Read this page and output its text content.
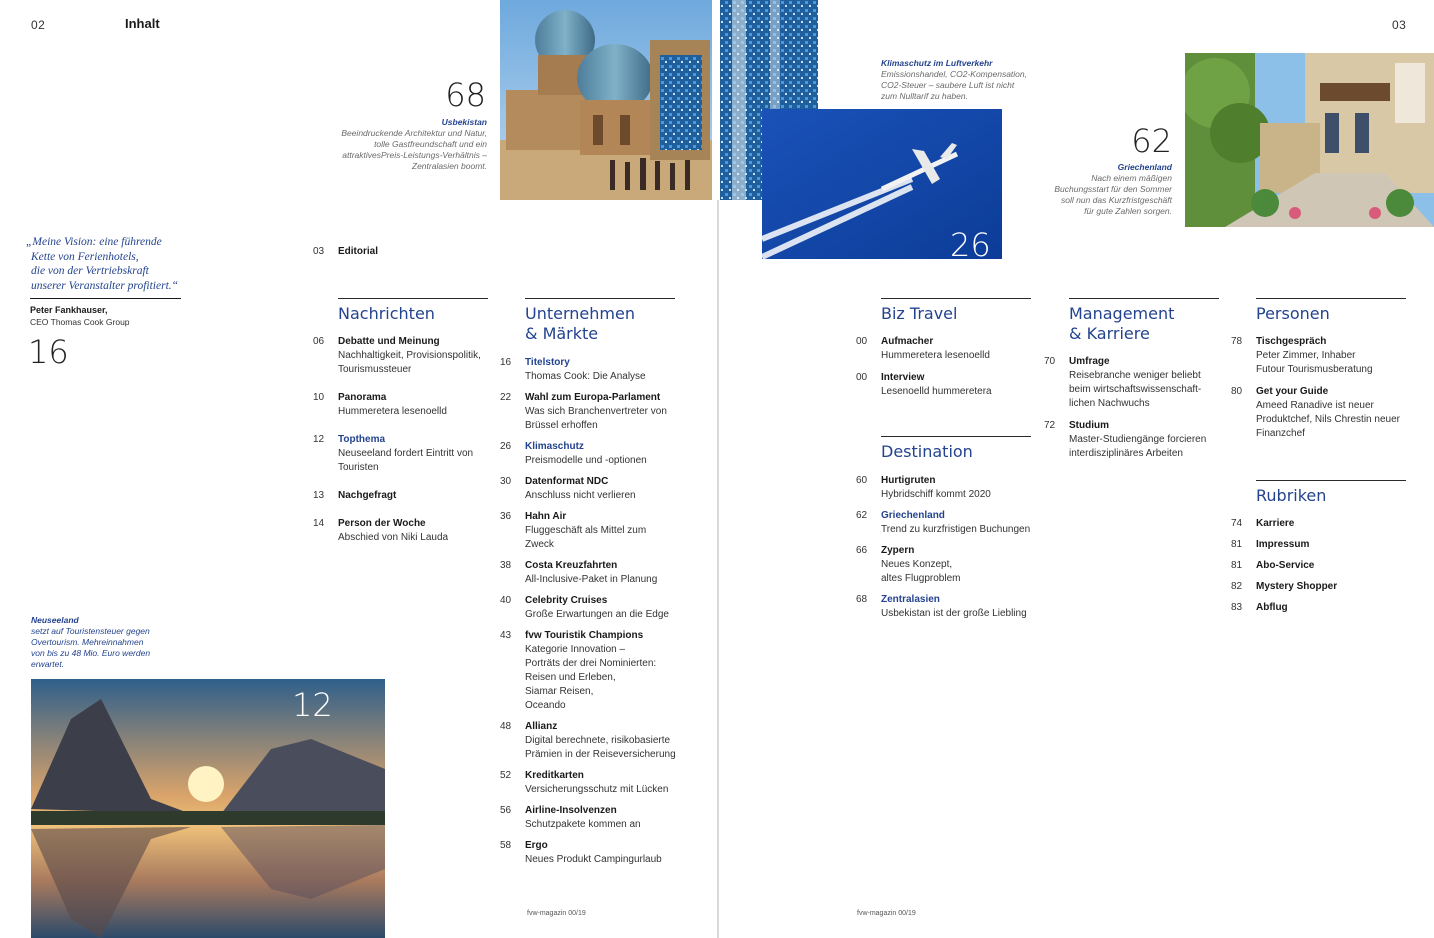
02	Inhalt	03
68
Usbekistan
Beeindruckende Architektur und Natur,
tolle Gastfreundschaft und ein
attraktivesPreis-Leistungs-Verhältnis –
Zentralasien boomt.
Klimaschutz im Luftverkehr
Emissionshandel, CO2-Kompensation,
CO2-Steuer – saubere Luft ist nicht
zum Nulltarif zu haben.
26
62
Griechenland
Nach einem mäßigen
Buchungsstart für den Sommer
soll nun das Kurzfristgeschäft
für gute Zahlen sorgen.
„Meine Vision: eine führende
Kette von Ferienhotels,
die von der Vertriebskraft
unserer Veranstalter profitiert.“
Peter Fankhauser,
CEO Thomas Cook Group
16
Neuseeland
setzt auf Touristensteuer gegen
Overtourism. Mehreinnahmen
von bis zu 48 Mio. Euro werden
erwartet.
12
03 Editorial
Nachrichten	Unternehmen
& Märkte
Biz Travel
Destination
Management
& Karriere
Personen
Rubriken
06 Debatte und Meinung
Nachhaltigkeit, Provisionspolitik,
Tourismussteuer
10 Panorama
Hummeretera lesenoelld
12 Topthema
Neuseeland fordert Eintritt von
Touristen
13 Nachgefragt
14 Person der Woche
Abschied von Niki Lauda
16 Titelstory
Thomas Cook: Die Analyse
22 Wahl zum Europa-Parlament
Was sich Branchenvertreter von
Brüssel erhoffen
26 Klimaschutz
Preismodelle und -optionen
30 Datenformat NDC
Anschluss nicht verlieren
36 Hahn Air
Fluggeschäft als Mittel zum
Zweck
38 Costa Kreuzfahrten
All-Inclusive-Paket in Planung
40 Celebrity Cruises
Große Erwartungen an die Edge
43 fvw Touristik Champions
Kategorie Innovation –
Porträts der drei Nominierten:
Reisen und Erleben,
Siamar Reisen,
Oceando
48 Allianz
Digital berechnete, risikobasierte
Prämien in der Reiseversicherung
52 Kreditkarten
Versicherungsschutz mit Lücken
56 Airline-Insolvenzen
Schutzpakete kommen an
58 Ergo
Neues Produkt Campingurlaub
00 Aufmacher
Hummeretera lesenoelld
00 Interview
Lesenoelld hummeretera
60 Hurtigruten
Hybridschiff kommt 2020
62 Griechenland
Trend zu kurzfristigen Buchungen
66 Zypern
Neues Konzept,
altes Flugproblem
68 Zentralasien
Usbekistan ist der große Liebling
70 Umfrage
Reisebranche weniger beliebt
beim wirtschaftswissenschaft-
lichen Nachwuchs
72 Studium
Master-Studiengänge forcieren
interdisziplinäres Arbeiten
78 Tischgespräch
Peter Zimmer, Inhaber
Futour Tourismusberatung
80 Get your Guide
Ameed Ranadive ist neuer
Produktchef, Nils Chrestin neuer
Finanzchef
74 Karriere
81 Impressum
81 Abo-Service
82 Mystery Shopper
83 Abflug
fvw-magazin 00/19	fvw-magazin 00/19
